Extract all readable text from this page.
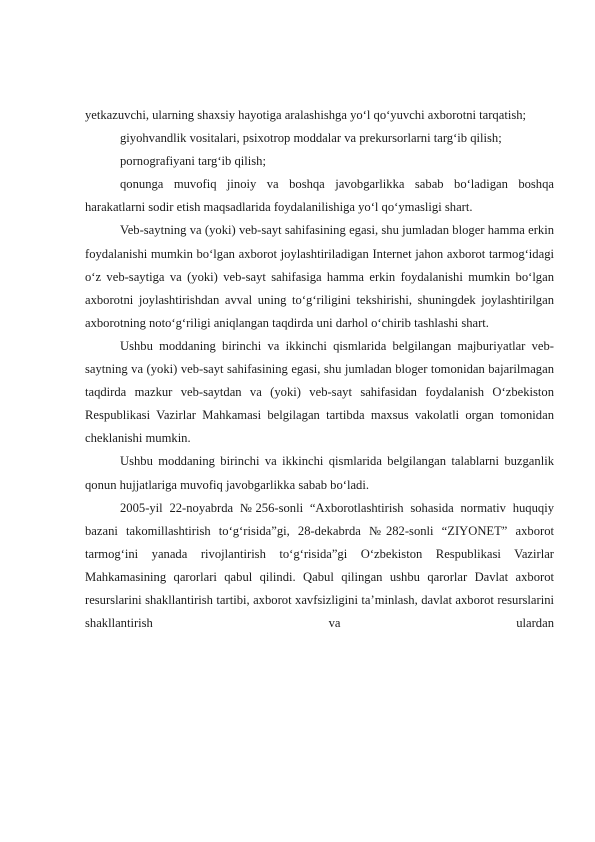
yetkazuvchi, ularning shaxsiy hayotiga aralashishga yo‘l qo‘yuvchi axborotni tarqatish;

giyohvandlik vositalari, psixotrop moddalar va prekursorlarni targ‘ib qilish;

pornografiyani targ‘ib qilish;

qonunga muvofiq jinoiy va boshqa javobgarlikka sabab bo‘ladigan boshqa harakatlarni sodir etish maqsadlarida foydalanilishiga yo‘l qo‘ymasligi shart.

Veb-saytning va (yoki) veb-sayt sahifasining egasi, shu jumladan bloger hamma erkin foydalanishi mumkin bo‘lgan axborot joylashtiriladigan Internet jahon axborot tarmog‘idagi o‘z veb-saytiga va (yoki) veb-sayt sahifasiga hamma erkin foydalanishi mumkin bo‘lgan axborotni joylashtirishdan avval uning to‘g‘riligini tekshirishi, shuningdek joylashtirilgan axborotning noto‘g‘riligi aniqlangan taqdirda uni darhol o‘chirib tashlashi shart.

Ushbu moddaning birinchi va ikkinchi qismlarida belgilangan majburiyatlar veb-saytning va (yoki) veb-sayt sahifasining egasi, shu jumladan bloger tomonidan bajarilmagan taqdirda mazkur veb-saytdan va (yoki) veb-sayt sahifasidan foydalanish O‘zbekiston Respublikasi Vazirlar Mahkamasi belgilagan tartibda maxsus vakolatli organ tomonidan cheklanishi mumkin.

Ushbu moddaning birinchi va ikkinchi qismlarida belgilangan talablarni buzganlik qonun hujjatlariga muvofiq javobgarlikka sabab bo‘ladi.

2005-yil 22-noyabrda №256-sonli “Axborotlashtirish sohasida normativ huquqiy bazani takomillashtirish to‘g‘risida”gi, 28-dekabrda №282-sonli “ZIYONET” axborot tarmog‘ini yanada rivojlantirish to‘g‘risida”gi O‘zbekiston Respublikasi Vazirlar Mahkamasining qarorlari qabul qilindi. Qabul qilingan ushbu qarorlar Davlat axborot resurslarini shakllantirish tartibi, axborot xavfsizligini ta’minlash, davlat axborot resurslarini shakllantirish va ulardan
